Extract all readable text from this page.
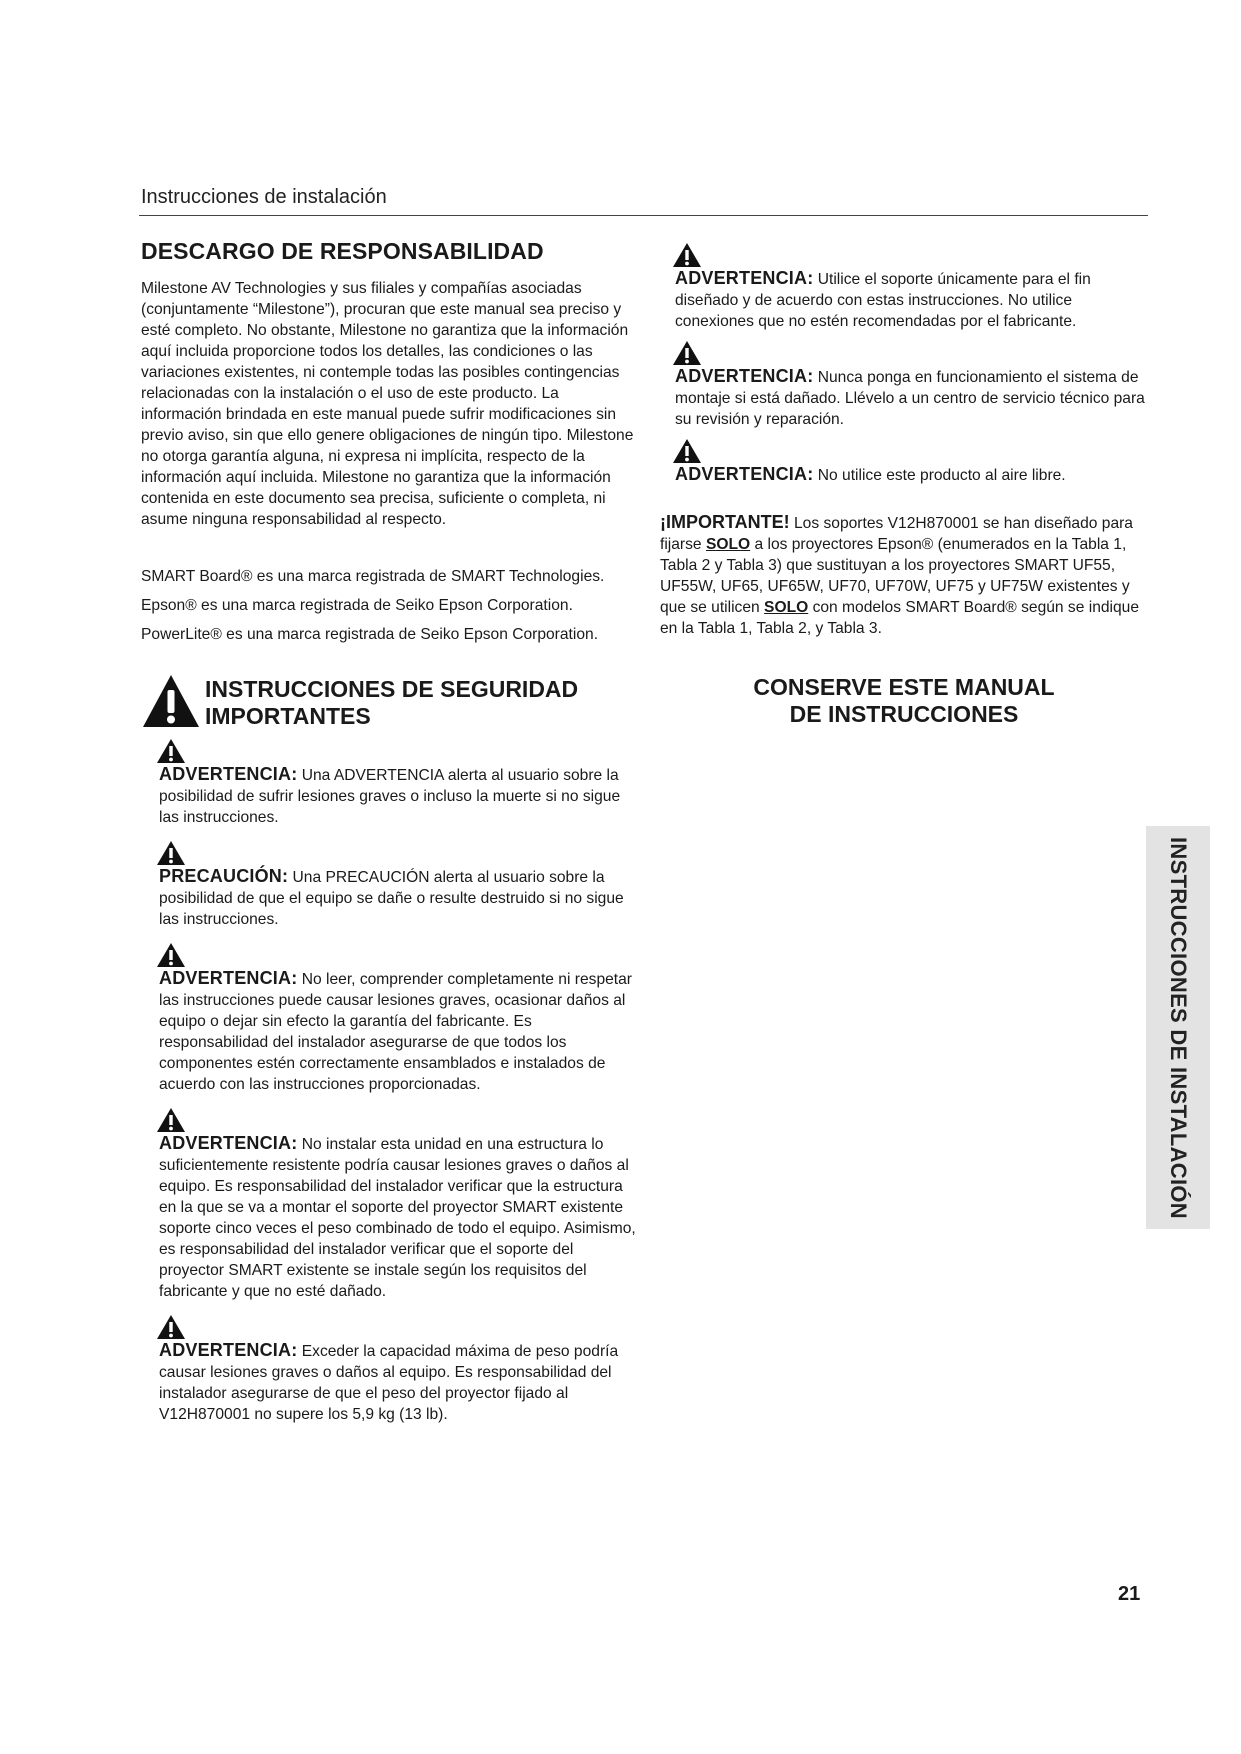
Instrucciones de instalación
DESCARGO DE RESPONSABILIDAD

Milestone AV Technologies y sus filiales y compañías asociadas (conjuntamente “Milestone”), procuran que este manual sea preciso y esté completo. No obstante, Milestone no garantiza que la información aquí incluida proporcione todos los detalles, las condiciones o las variaciones existentes, ni contemple todas las posibles contingencias relacionadas con la instalación o el uso de este producto. La información brindada en este manual puede sufrir modificaciones sin previo aviso, sin que ello genere obligaciones de ningún tipo. Milestone no otorga garantía alguna, ni expresa ni implícita, respecto de la información aquí incluida. Milestone no garantiza que la información contenida en este documento sea precisa, suficiente o completa, ni asume ninguna responsabilidad al respecto.

SMART Board® es una marca registrada de SMART Technologies.

Epson® es una marca registrada de Seiko Epson Corporation.

PowerLite® es una marca registrada de Seiko Epson Corporation.

INSTRUCCIONES DE SEGURIDAD
IMPORTANTES
ADVERTENCIA: Una ADVERTENCIA alerta al usuario sobre la posibilidad de sufrir lesiones graves o incluso la muerte si no sigue las instrucciones.
PRECAUCIÓN: Una PRECAUCIÓN alerta al usuario sobre la posibilidad de que el equipo se dañe o resulte destruido si no sigue las instrucciones.
ADVERTENCIA: No leer, comprender completamente ni respetar las instrucciones puede causar lesiones graves, ocasionar daños al equipo o dejar sin efecto la garantía del fabricante. Es responsabilidad del instalador asegurarse de que todos los componentes estén correctamente ensamblados e instalados de acuerdo con las instrucciones proporcionadas.
ADVERTENCIA: No instalar esta unidad en una estructura lo suficientemente resistente podría causar lesiones graves o daños al equipo. Es responsabilidad del instalador verificar que la estructura en la que se va a montar el soporte del proyector SMART existente soporte cinco veces el peso combinado de todo el equipo. Asimismo, es responsabilidad del instalador verificar que el soporte del proyector SMART existente se instale según los requisitos del fabricante y que no esté dañado.
ADVERTENCIA: Exceder la capacidad máxima de peso podría causar lesiones graves o daños al equipo. Es responsabilidad del instalador asegurarse de que el peso del proyector fijado al V12H870001 no supere los 5,9 kg (13 lb).
ADVERTENCIA: Utilice el soporte únicamente para el fin diseñado y de acuerdo con estas instrucciones. No utilice conexiones que no estén recomendadas por el fabricante.
ADVERTENCIA: Nunca ponga en funcionamiento el sistema de montaje si está dañado. Llévelo a un centro de servicio técnico para su revisión y reparación.
ADVERTENCIA: No utilice este producto al aire libre.
¡IMPORTANTE! Los soportes V12H870001 se han diseñado para fijarse SOLO a los proyectores Epson® (enumerados en la Tabla 1, Tabla 2 y Tabla 3) que sustituyan a los proyectores SMART UF55, UF55W, UF65, UF65W, UF70, UF70W, UF75 y UF75W existentes y que se utilicen SOLO con modelos SMART Board® según se indique en la Tabla 1, Tabla 2, y Tabla 3.
CONSERVE ESTE MANUAL
DE INSTRUCCIONES
INSTRUCCIONES DE INSTALACIÓN
21
